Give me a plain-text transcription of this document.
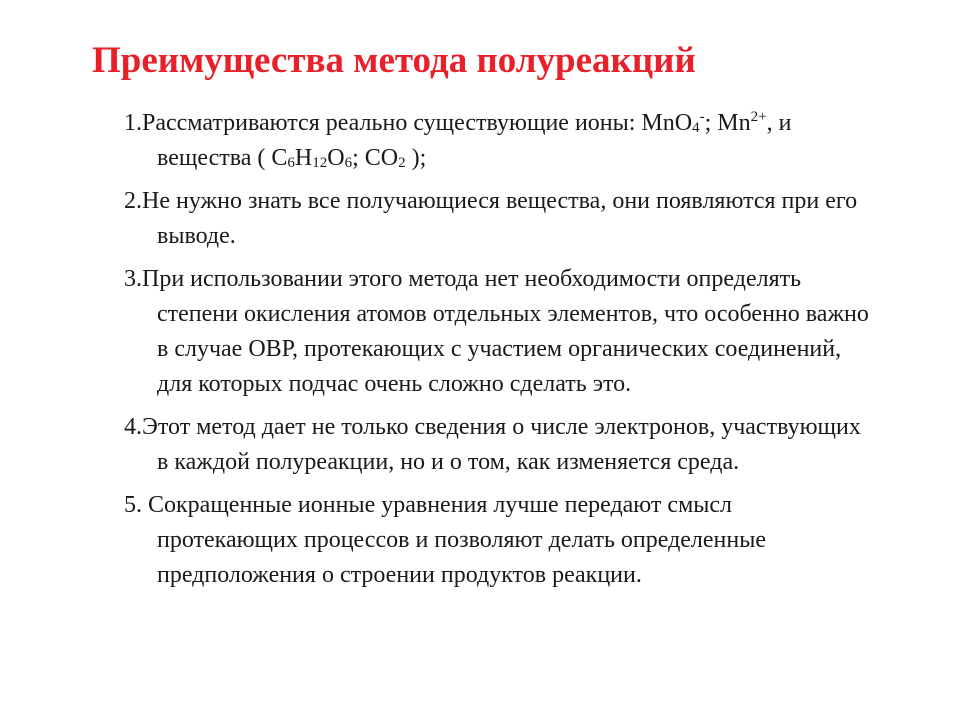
Преимущества метода полуреакций
1.Рассматриваются реально существующие ионы: MnO4-; $Mn^{2+}$, и вещества ( C6H12O6; CO2 );
2.Не нужно знать все получающиеся вещества, они появляются при его выводе.
3.При использовании этого метода нет необходимости определять степени окисления атомов отдельных элементов, что особенно важно в случае ОВР, протекающих с участием органических соединений, для которых подчас очень сложно сделать это.
4.Этот метод дает не только сведения о числе электронов, участвующих в каждой полуреакции, но и о том, как изменяется среда.
5. Сокращенные ионные уравнения лучше передают смысл протекающих процессов и позволяют делать определенные предположения о строении продуктов реакции.
